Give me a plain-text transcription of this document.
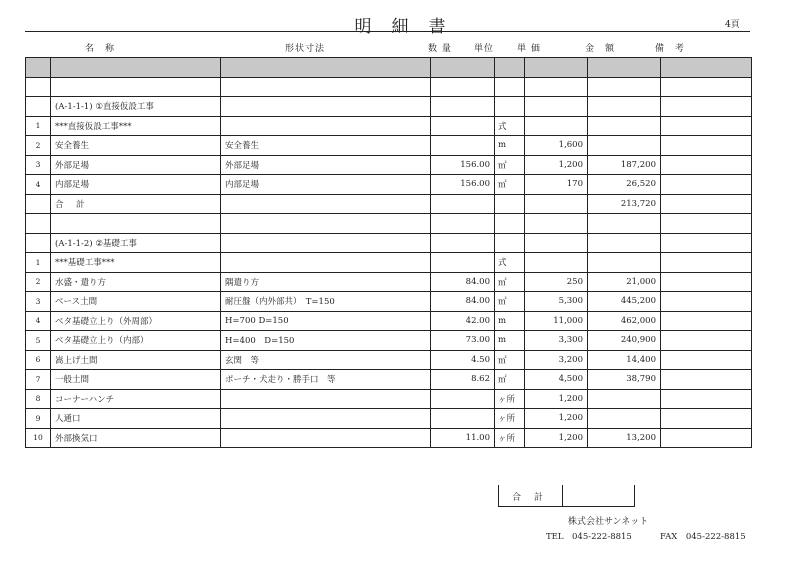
明細書	4頁
名　称	形状寸法	数 量 単位	単 価	金　額	備　考

	(A-1-1-1) ①直接仮設工事						
1	***直接仮設工事***			式			
2	安全養生	安全養生		m	1,600		
3	外部足場	外部足場	156.00	㎡	1,200	187,200	
4	内部足場	内部足場	156.00	㎡	170	26,520	
	合　計					213,720	

	(A-1-1-2) ②基礎工事						
1	***基礎工事***			式			
2	水盛・遣り方	隅遣り方	84.00	㎡	250	21,000	
3	ベース土間	耐圧盤（内外部共）　T=150	84.00	㎡	5,300	445,200	
4	ベタ基礎立上り（外周部）	H=700 D=150	42.00	m	11,000	462,000	
5	ベタ基礎立上り（内部）	H=400　D=150	73.00	m	3,300	240,900	
6	嵩上げ土間	玄関　等	4.50	㎡	3,200	14,400	
7	一般土間	ポーチ・犬走り・勝手口　等	8.62	㎡	4,500	38,790	
8	コーナーハンチ			ヶ所	1,200		
9	人通口			ヶ所	1,200		
10	外部換気口		11.00	ヶ所	1,200	13,200	
合　計
株式会社サンネット
TEL　045-222-8815	FAX　045-222-8815
